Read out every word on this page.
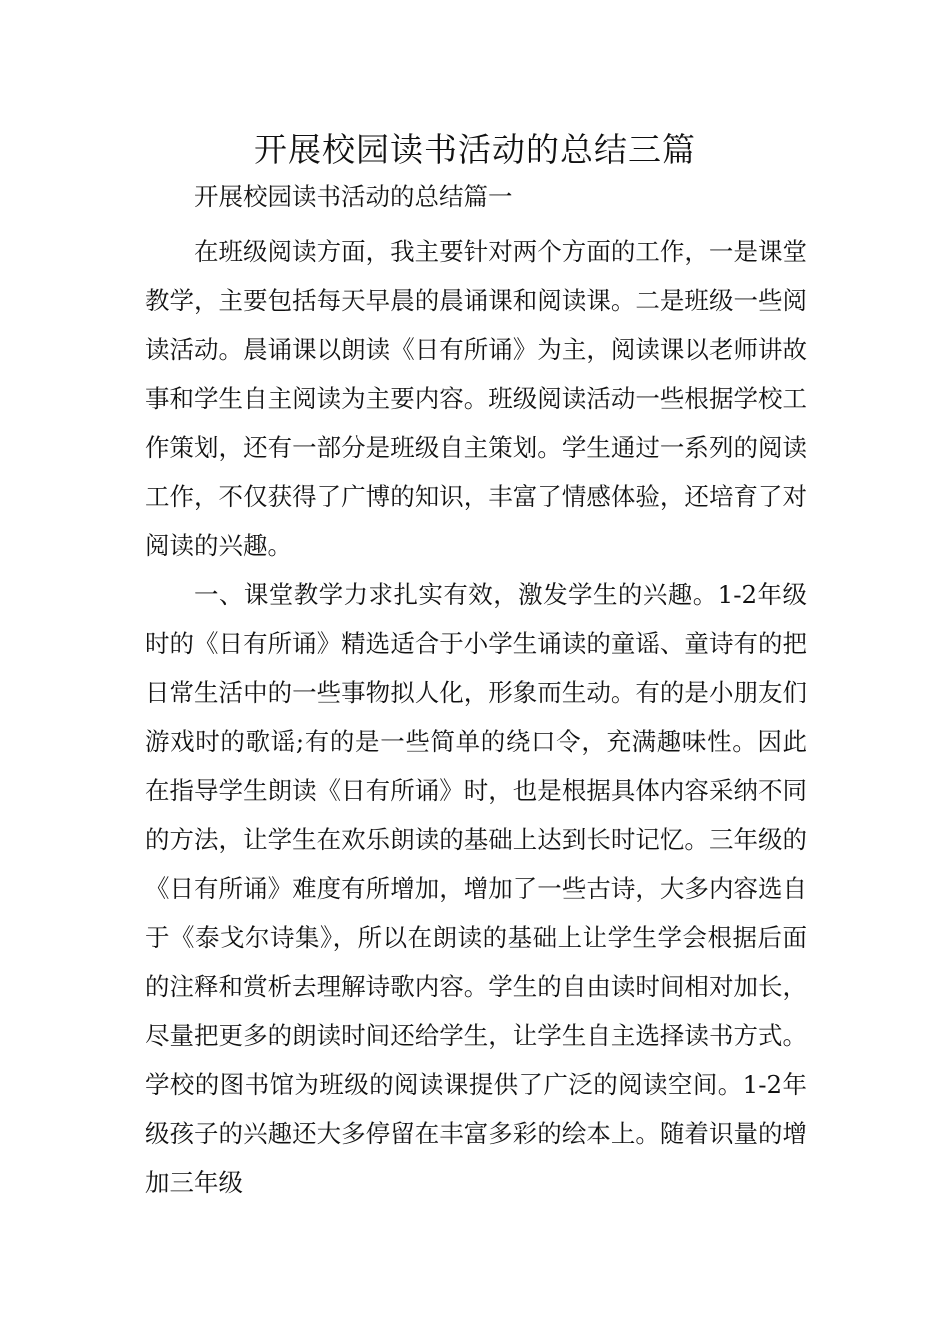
开展校园读书活动的总结三篇

开展校园读书活动的总结篇一

在班级阅读方面，我主要针对两个方面的工作，一是课堂教学，主要包括每天早晨的晨诵课和阅读课。二是班级一些阅读活动。晨诵课以朗读《日有所诵》为主，阅读课以老师讲故事和学生自主阅读为主要内容。班级阅读活动一些根据学校工作策划，还有一部分是班级自主策划。学生通过一系列的阅读工作，不仅获得了广博的知识，丰富了情感体验，还培育了对阅读的兴趣。

一、课堂教学力求扎实有效，激发学生的兴趣。1-2年级时的《日有所诵》精选适合于小学生诵读的童谣、童诗有的把日常生活中的一些事物拟人化，形象而生动。有的是小朋友们游戏时的歌谣;有的是一些简单的绕口令，充满趣味性。因此在指导学生朗读《日有所诵》时，也是根据具体内容采纳不同的方法，让学生在欢乐朗读的基础上达到长时记忆。三年级的《日有所诵》难度有所增加，增加了一些古诗，大多内容选自于《泰戈尔诗集》，所以在朗读的基础上让学生学会根据后面的注释和赏析去理解诗歌内容。学生的自由读时间相对加长，尽量把更多的朗读时间还给学生，让学生自主选择读书方式。学校的图书馆为班级的阅读课提供了广泛的阅读空间。1-2年级孩子的兴趣还大多停留在丰富多彩的绘本上。随着识量的增加三年级
